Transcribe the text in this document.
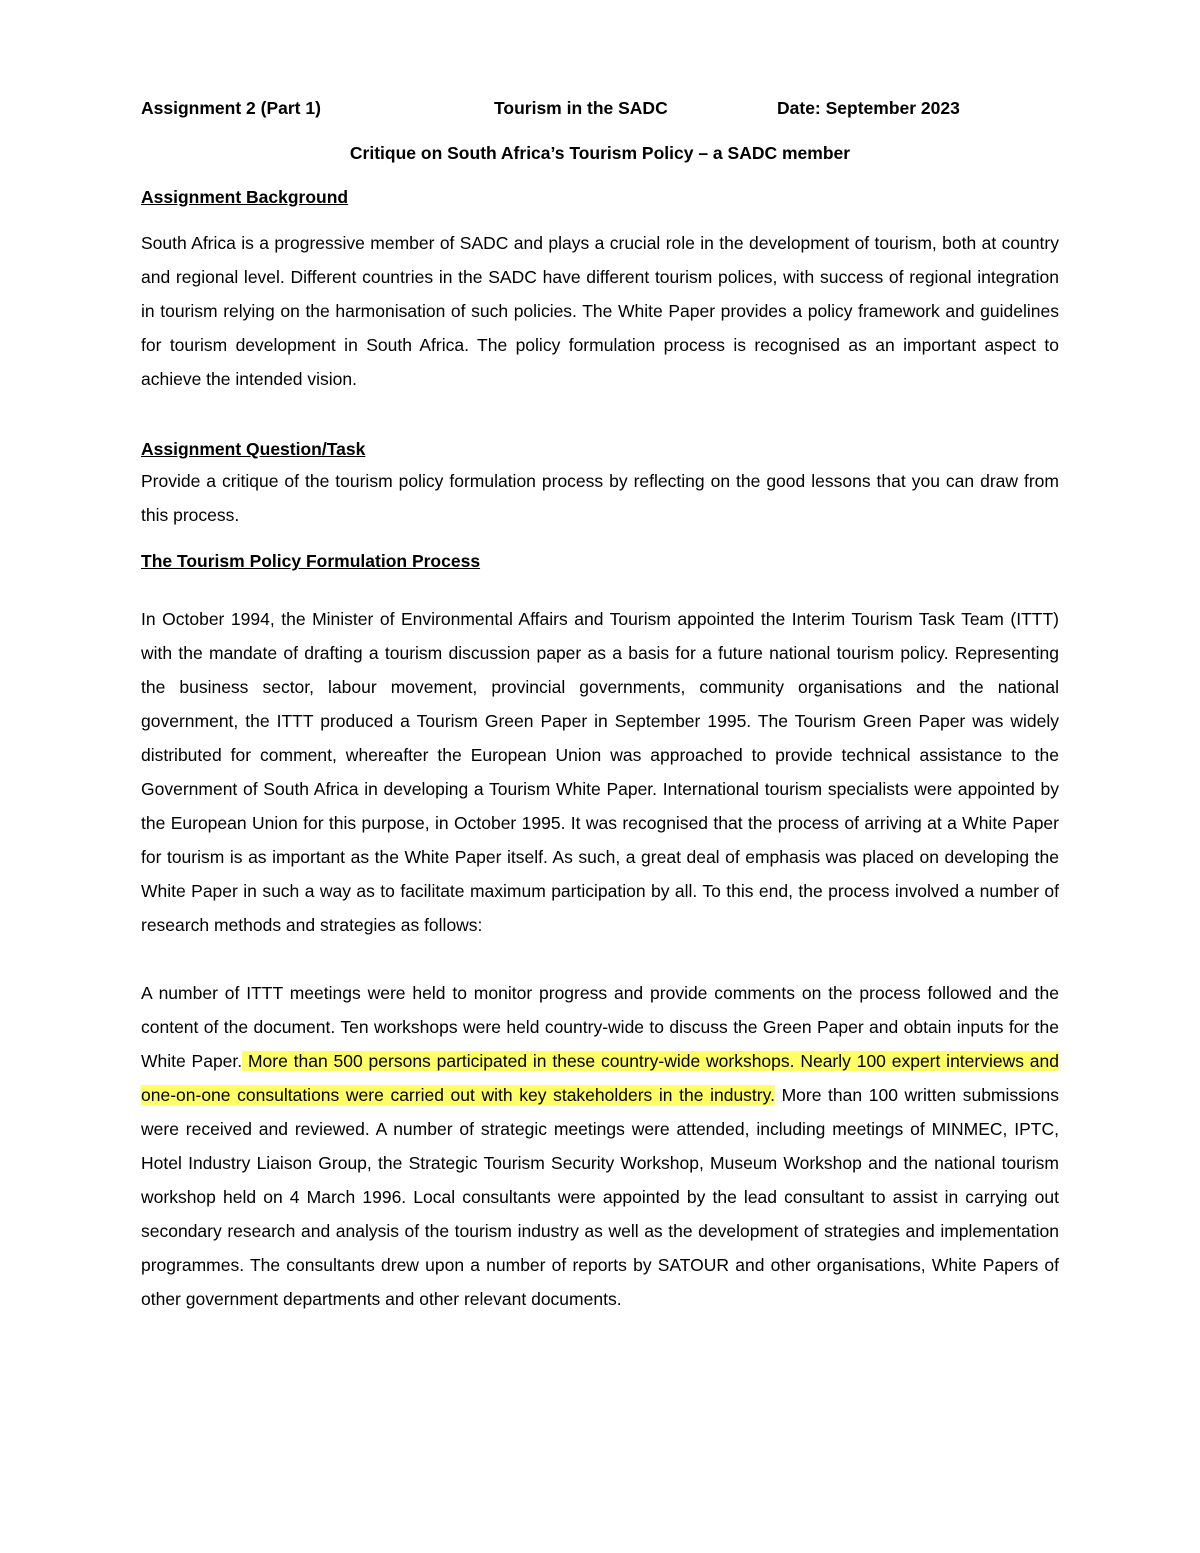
Assignment 2 (Part 1)	Tourism in the SADC	Date: September 2023
Critique on South Africa’s Tourism Policy – a SADC member
Assignment Background

South Africa is a progressive member of SADC and plays a crucial role in the development of tourism, both at country and regional level. Different countries in the SADC have different tourism polices, with success of regional integration in tourism relying on the harmonisation of such policies. The White Paper provides a policy framework and guidelines for tourism development in South Africa. The policy formulation process is recognised as an important aspect to achieve the intended vision.

Assignment Question/Task

Provide a critique of the tourism policy formulation process by reflecting on the good lessons that you can draw from this process.

The Tourism Policy Formulation Process

In October 1994, the Minister of Environmental Affairs and Tourism appointed the Interim Tourism Task Team (ITTT) with the mandate of drafting a tourism discussion paper as a basis for a future national tourism policy. Representing the business sector, labour movement, provincial governments, community organisations and the national government, the ITTT produced a Tourism Green Paper in September 1995. The Tourism Green Paper was widely distributed for comment, whereafter the European Union was approached to provide technical assistance to the Government of South Africa in developing a Tourism White Paper. International tourism specialists were appointed by the European Union for this purpose, in October 1995. It was recognised that the process of arriving at a White Paper for tourism is as important as the White Paper itself. As such, a great deal of emphasis was placed on developing the White Paper in such a way as to facilitate maximum participation by all. To this end, the process involved a number of research methods and strategies as follows:

A number of ITTT meetings were held to monitor progress and provide comments on the process followed and the content of the document. Ten workshops were held country-wide to discuss the Green Paper and obtain inputs for the White Paper. More than 500 persons participated in these country-wide workshops. Nearly 100 expert interviews and one-on-one consultations were carried out with key stakeholders in the industry. More than 100 written submissions were received and reviewed. A number of strategic meetings were attended, including meetings of MINMEC, IPTC, Hotel Industry Liaison Group, the Strategic Tourism Security Workshop, Museum Workshop and the national tourism workshop held on 4 March 1996. Local consultants were appointed by the lead consultant to assist in carrying out secondary research and analysis of the tourism industry as well as the development of strategies and implementation programmes. The consultants drew upon a number of reports by SATOUR and other organisations, White Papers of other government departments and other relevant documents.
